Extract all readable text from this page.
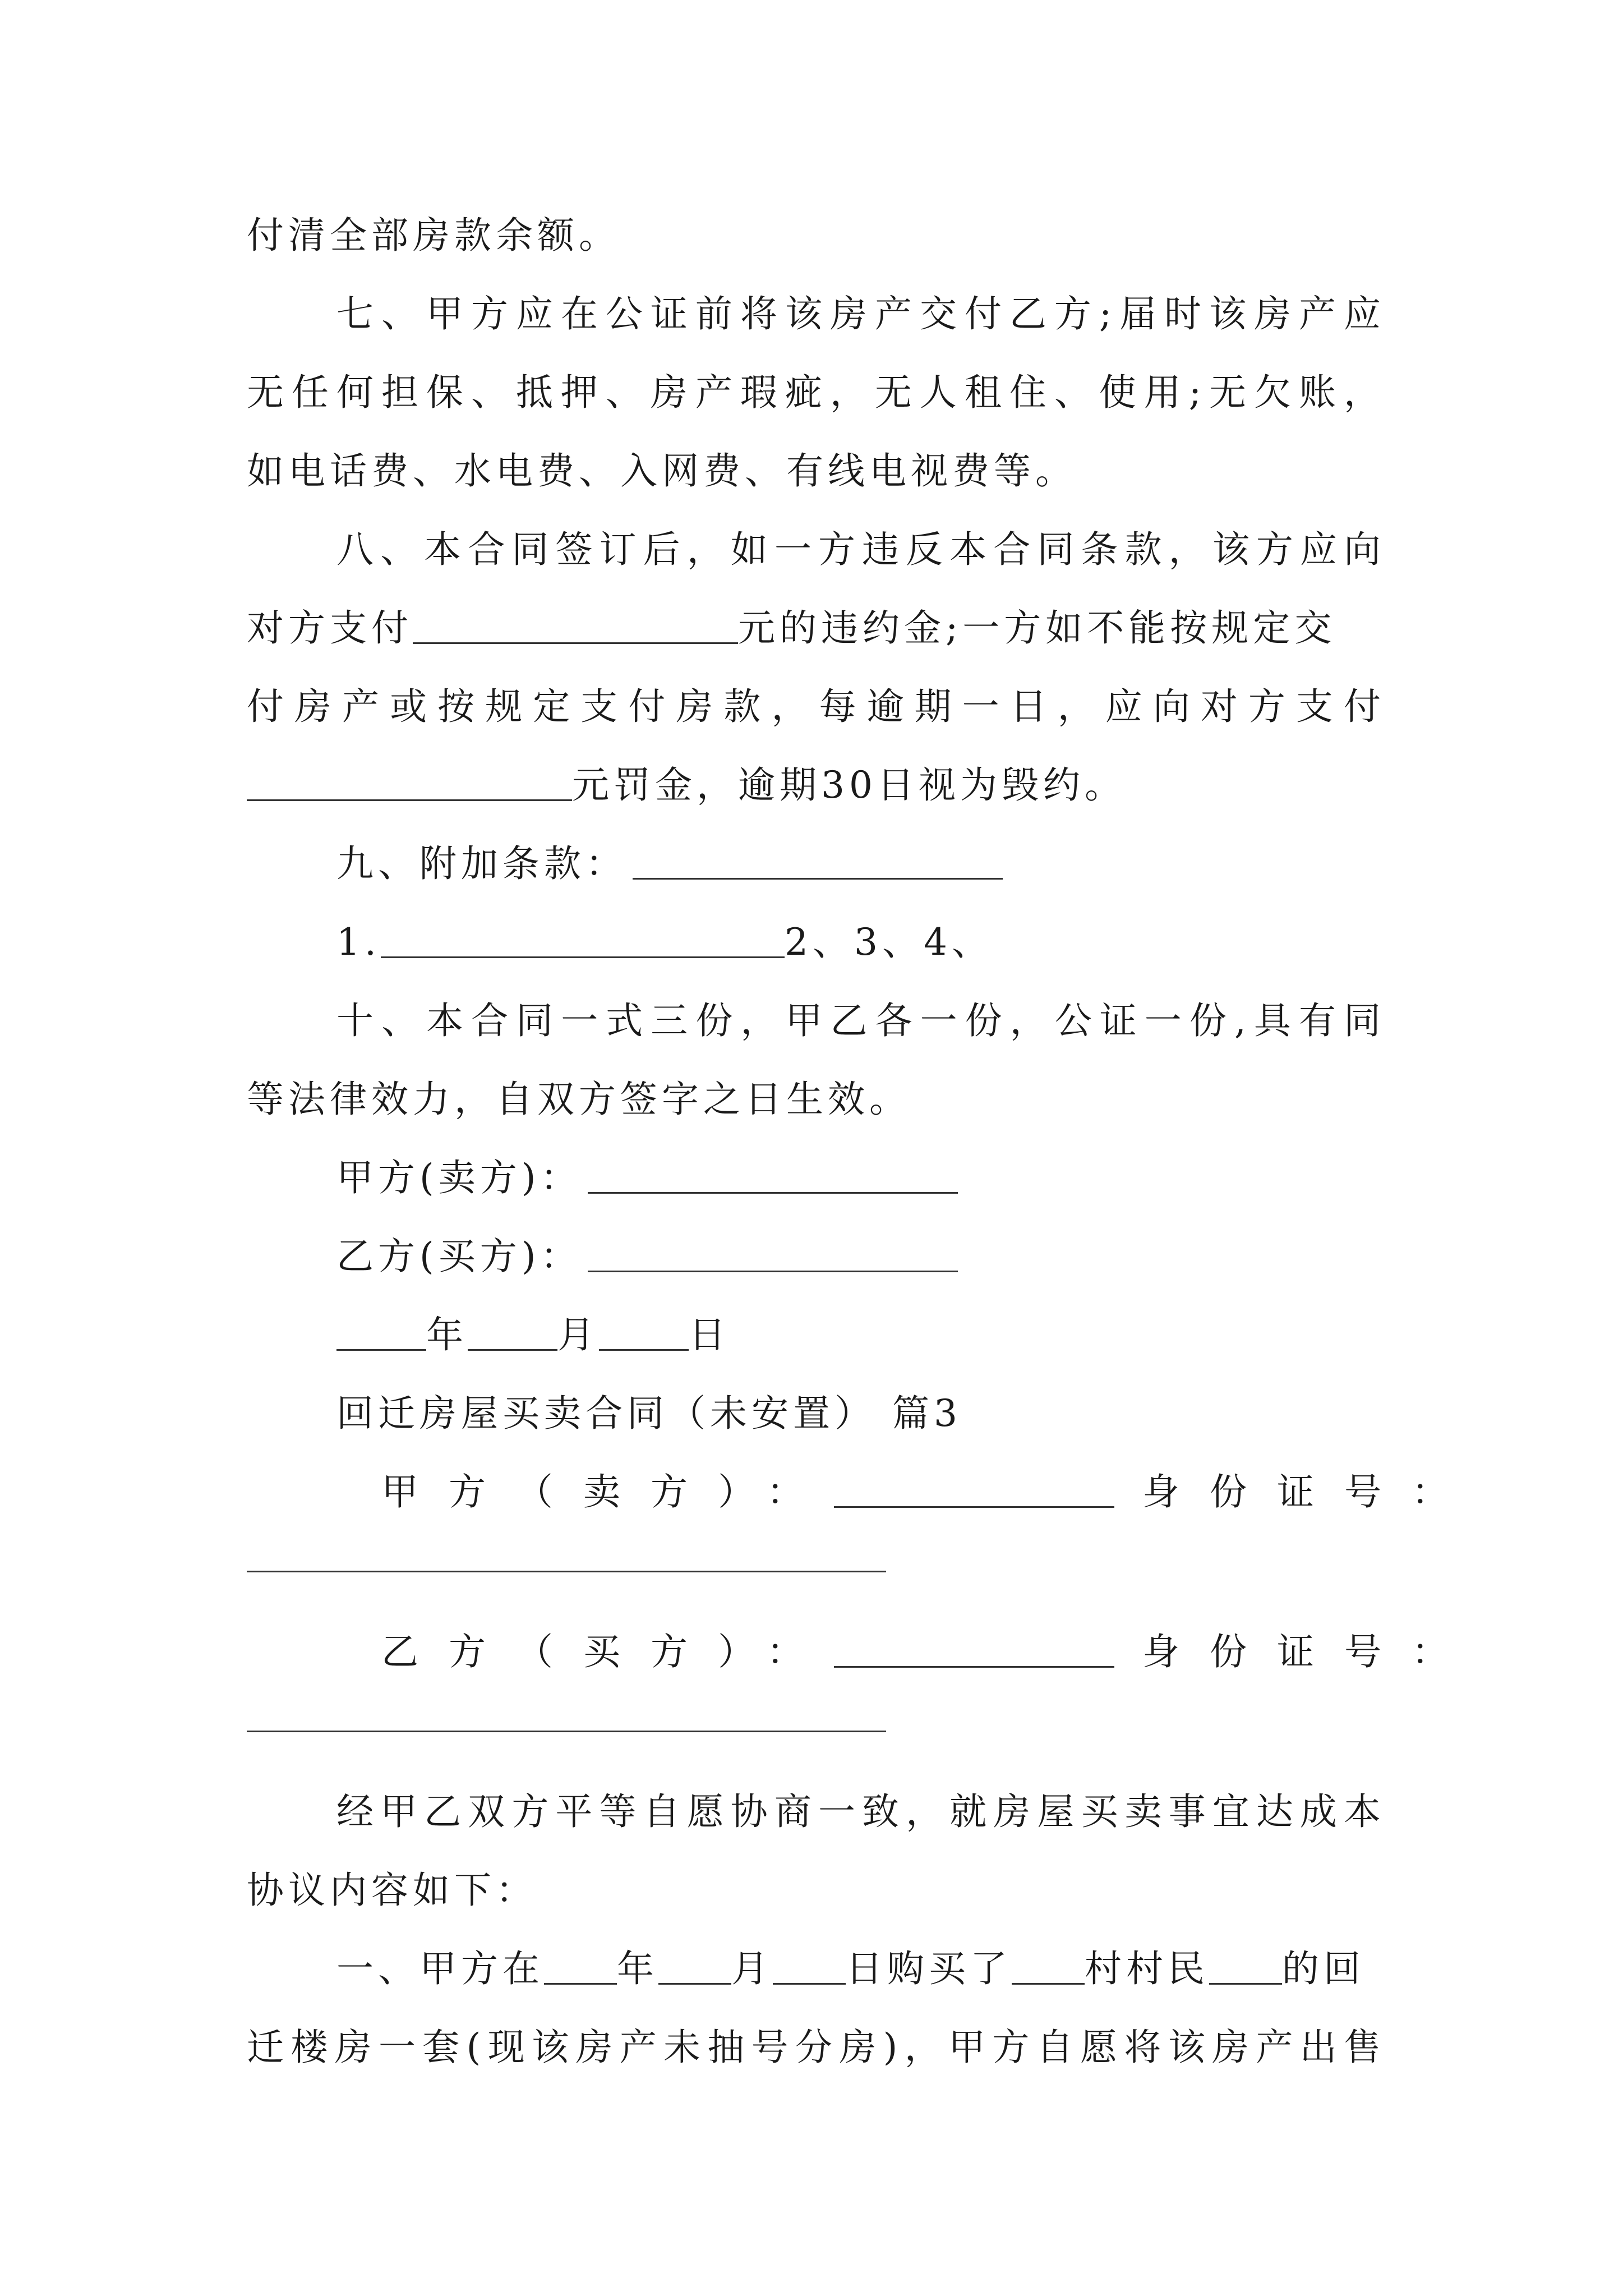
付清全部房款余额。
七、甲方应在公证前将该房产交付乙方;届时该房产应
无任何担保、抵押、房产瑕疵，无人租住、使用;无欠账，
如电话费、水电费、入网费、有线电视费等。
八、本合同签订后，如一方违反本合同条款，该方应向
对方支付	元的违约金;一方如不能按规定交
付房产或按规定支付房款，每逾期一日，应向对方支付
元罚金，逾期30日视为毁约。
九、附加条款：
1.	2、3、4、
十、本合同一式三份，甲乙各一份，公证一份,具有同
等法律效力，自双方签字之日生效。
甲方(卖方)：
乙方(买方)：
年 月 日
回迁房屋买卖合同（未安置） 篇3
甲方（卖方）：	身份证号：
乙方（买方）：	身份证号：
经甲乙双方平等自愿协商一致，就房屋买卖事宜达成本
协议内容如下：
一、甲方在 年 月 日购买了 村村民 的回
迁楼房一套(现该房产未抽号分房)，甲方自愿将该房产出售
